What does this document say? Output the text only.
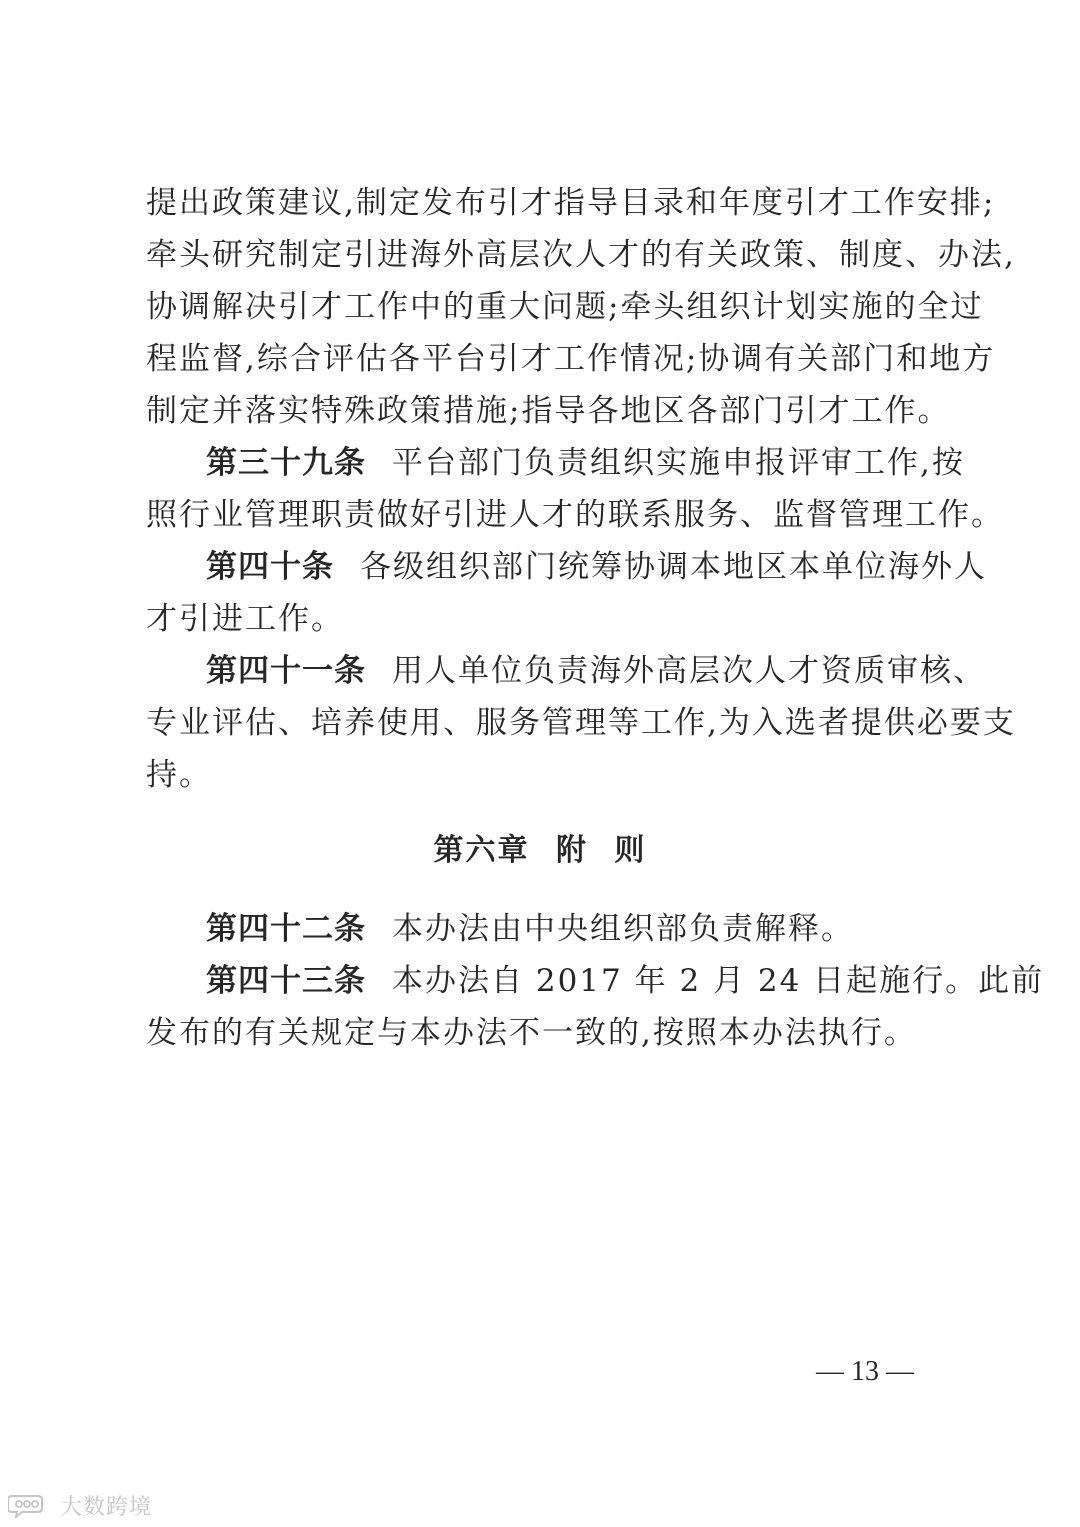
提出政策建议,制定发布引才指导目录和年度引才工作安排;
牵头研究制定引进海外高层次人才的有关政策、制度、办法,
协调解决引才工作中的重大问题;牵头组织计划实施的全过
程监督,综合评估各平台引才工作情况;协调有关部门和地方
制定并落实特殊政策措施;指导各地区各部门引才工作。
第三十九条 平台部门负责组织实施申报评审工作,按
照行业管理职责做好引进人才的联系服务、监督管理工作。
第四十条 各级组织部门统筹协调本地区本单位海外人
才引进工作。
第四十一条 用人单位负责海外高层次人才资质审核、
专业评估、培养使用、服务管理等工作,为入选者提供必要支
持。
第六章 附 则
第四十二条 本办法由中央组织部负责解释。
第四十三条 本办法自 2017 年 2 月 24 日起施行。此前
发布的有关规定与本办法不一致的,按照本办法执行。
— 13 —
大数跨境
